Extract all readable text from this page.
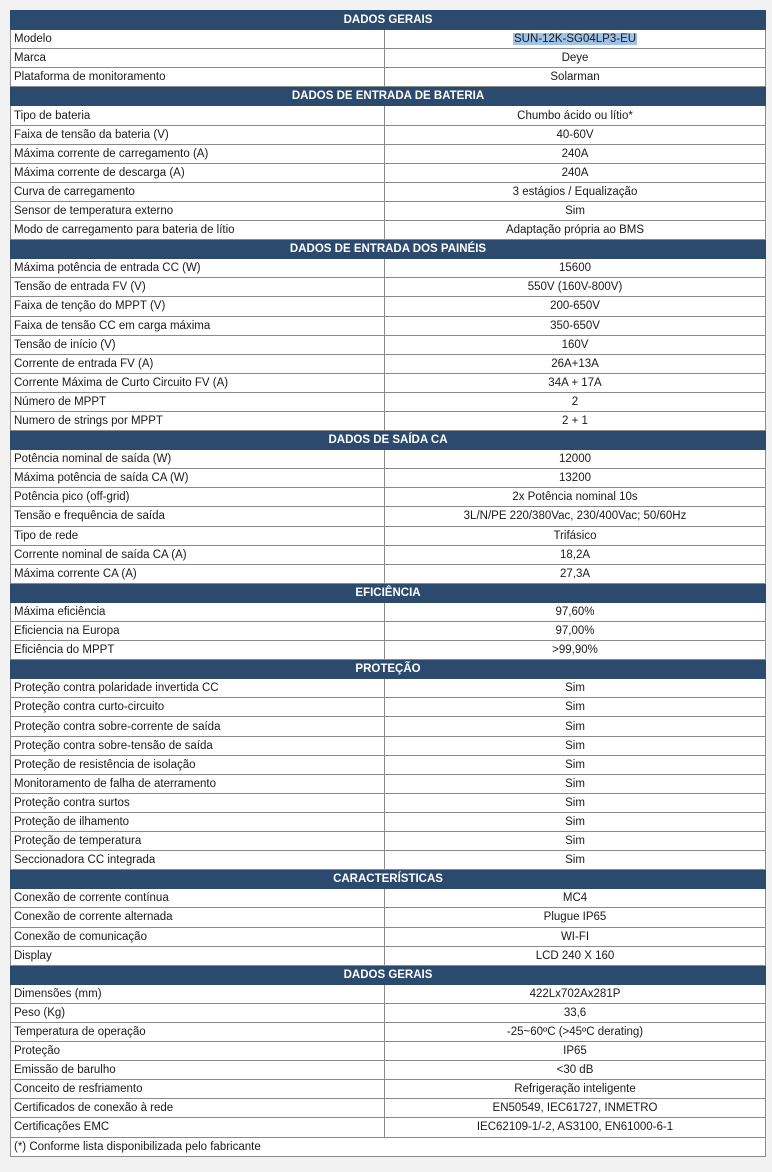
DADOS GERAIS	
Modelo	SUN-12K-SG04LP3-EU
Marca	Deye
Plataforma de monitoramento	Solarman
DADOS DE ENTRADA DE BATERIA	
Tipo de bateria	Chumbo ácido ou lítio*
Faixa de tensão da bateria (V)	40-60V
Máxima corrente de carregamento (A)	240A
Máxima corrente de descarga (A)	240A
Curva de carregamento	3 estágios / Equalização
Sensor de temperatura externo	Sim
Modo de carregamento para bateria de lítio	Adaptação própria ao BMS
DADOS DE ENTRADA DOS PAINÉIS	
Máxima potência de entrada CC (W)	15600
Tensão de entrada FV (V)	550V (160V-800V)
Faixa de tenção do MPPT (V)	200-650V
Faixa de tensão CC em carga máxima	350-650V
Tensão de início (V)	160V
Corrente de entrada FV (A)	26A+13A
Corrente Máxima de Curto Circuito FV (A)	34A + 17A
Número de MPPT	2
Numero de strings por MPPT	2 + 1
DADOS DE SAÍDA CA	
Potência nominal de saída (W)	12000
Máxima potência de saída CA (W)	13200
Potência pico (off-grid)	2x Potência nominal 10s
Tensão e frequência de saída	3L/N/PE 220/380Vac, 230/400Vac; 50/60Hz
Tipo de rede	Trifásico
Corrente nominal de saída CA (A)	18,2A
Máxima corrente CA (A)	27,3A
EFICIÊNCIA	
Máxima eficiência	97,60%
Eficiencia na Europa	97,00%
Eficiência do MPPT	>99,90%
PROTEÇÃO	
Proteção contra polaridade invertida CC	Sim
Proteção contra curto-circuito	Sim
Proteção contra sobre-corrente de saída	Sim
Proteção contra sobre-tensão de saída	Sim
Proteção de resistência de isolação	Sim
Monitoramento de falha de aterramento	Sim
Proteção contra surtos	Sim
Proteção de ilhamento	Sim
Proteção de temperatura	Sim
Seccionadora CC integrada	Sim
CARACTERÍSTICAS	
Conexão de corrente contínua	MC4
Conexão de corrente alternada	Plugue IP65
Conexão de comunicação	WI-FI
Display	LCD 240 X 160
DADOS GERAIS	
Dimensões (mm)	422Lx702Ax281P
Peso (Kg)	33,6
Temperatura de operação	-25~60ºC (>45ºC derating)
Proteção	IP65
Emissão de barulho	<30 dB
Conceito de resfriamento	Refrigeração inteligente
Certificados de conexão à rede	EN50549, IEC61727, INMETRO
Certificações EMC	IEC62109-1/-2, AS3100, EN61000-6-1
(*) Conforme lista disponibilizada pelo fabricante	
